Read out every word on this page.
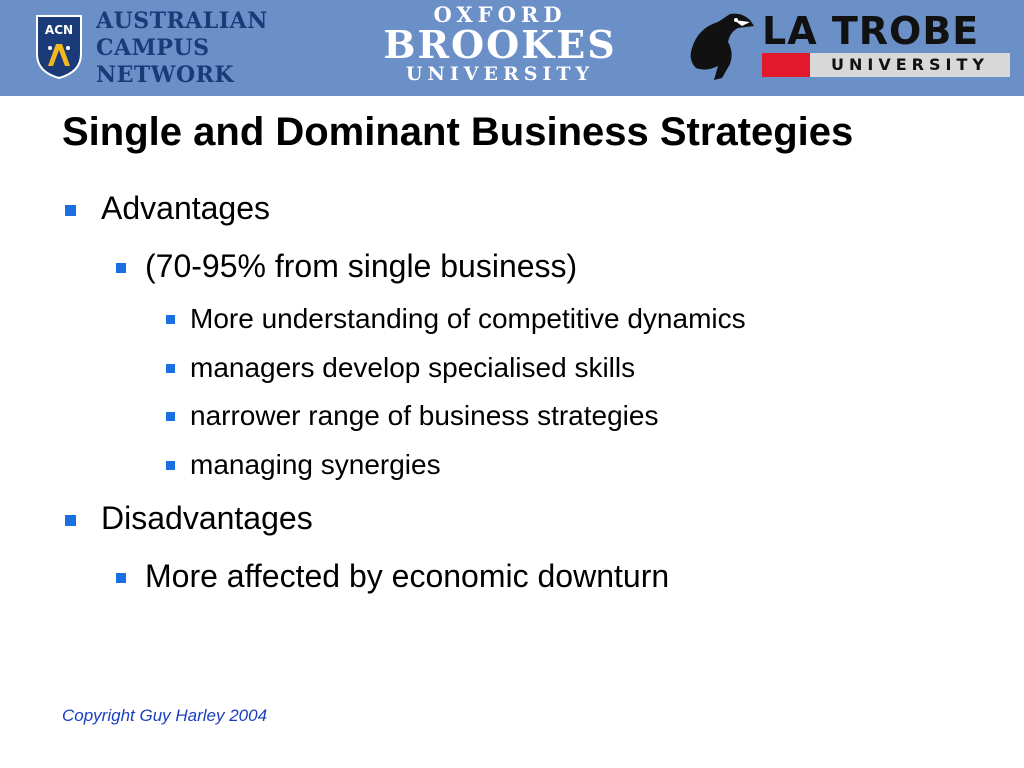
ACN AUSTRALIAN
CAMPUS
NETWORK
OXFORD
BROOKES
UNIVERSITY
LA TROBE
UNIVERSITY
Single and Dominant Business Strategies
Advantages
(70-95% from single business)
More understanding of competitive dynamics
managers develop specialised skills
narrower range of business strategies
managing synergies
Disadvantages
More affected by economic downturn
Copyright Guy Harley 2004
